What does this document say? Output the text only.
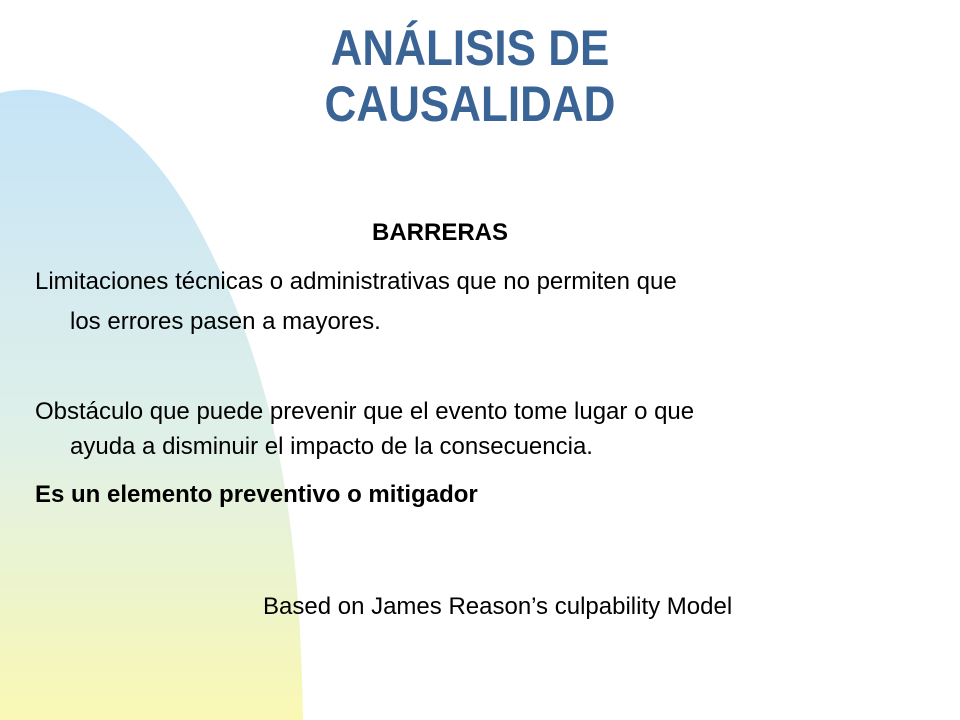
ANÁLISIS DE
CAUSALIDAD
BARRERAS
Limitaciones técnicas o administrativas que no permiten que
los errores pasen a mayores.
Obstáculo que puede prevenir que el evento tome lugar o que
ayuda a disminuir el impacto de la consecuencia.
Es un elemento preventivo o mitigador
Based on James Reason’s culpability Model
